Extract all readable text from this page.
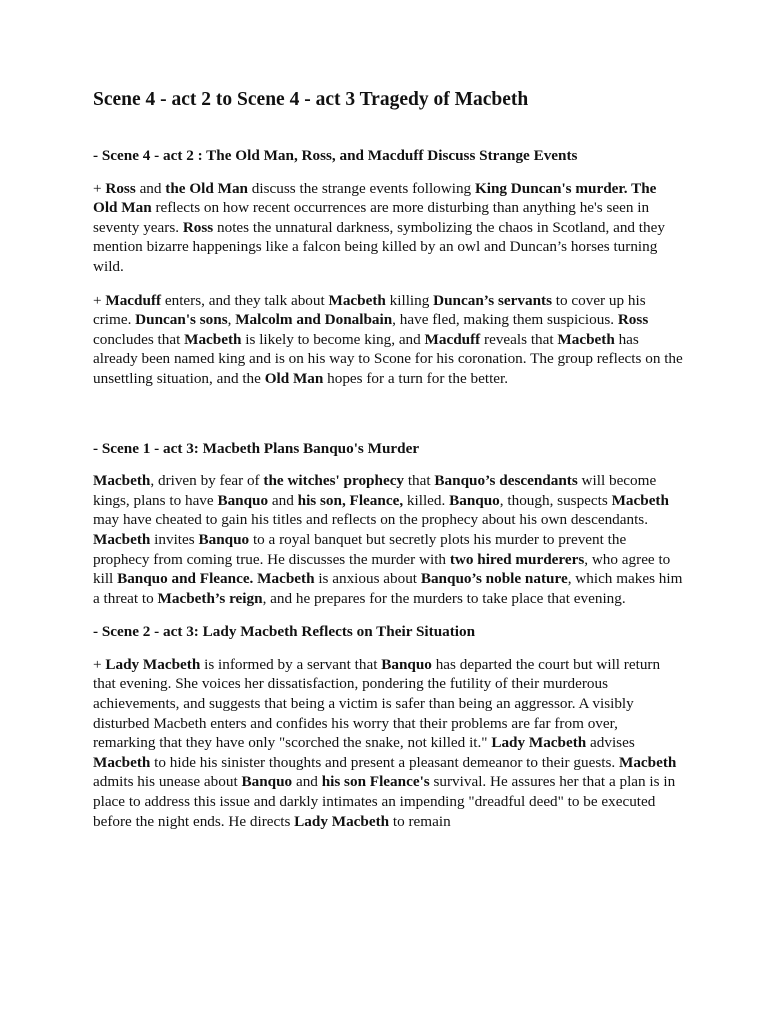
Scene 4 - act 2 to Scene 4 - act 3 Tragedy of Macbeth
- Scene 4 - act 2 : The Old Man, Ross, and Macduff Discuss Strange Events

+ Ross and the Old Man discuss the strange events following King Duncan's murder. The Old Man reflects on how recent occurrences are more disturbing than anything he's seen in seventy years. Ross notes the unnatural darkness, symbolizing the chaos in Scotland, and they mention bizarre happenings like a falcon being killed by an owl and Duncan’s horses turning wild.

+ Macduff enters, and they talk about Macbeth killing Duncan’s servants to cover up his crime. Duncan's sons, Malcolm and Donalbain, have fled, making them suspicious. Ross concludes that Macbeth is likely to become king, and Macduff reveals that Macbeth has already been named king and is on his way to Scone for his coronation. The group reflects on the unsettling situation, and the Old Man hopes for a turn for the better.

- Scene 1 - act 3: Macbeth Plans Banquo's Murder

Macbeth, driven by fear of the witches' prophecy that Banquo’s descendants will become kings, plans to have Banquo and his son, Fleance, killed. Banquo, though, suspects Macbeth may have cheated to gain his titles and reflects on the prophecy about his own descendants. Macbeth invites Banquo to a royal banquet but secretly plots his murder to prevent the prophecy from coming true. He discusses the murder with two hired murderers, who agree to kill Banquo and Fleance. Macbeth is anxious about Banquo’s noble nature, which makes him a threat to Macbeth’s reign, and he prepares for the murders to take place that evening.

- Scene 2 - act 3: Lady Macbeth Reflects on Their Situation

+ Lady Macbeth is informed by a servant that Banquo has departed the court but will return that evening. She voices her dissatisfaction, pondering the futility of their murderous achievements, and suggests that being a victim is safer than being an aggressor. A visibly disturbed Macbeth enters and confides his worry that their problems are far from over, remarking that they have only "scorched the snake, not killed it." Lady Macbeth advises Macbeth to hide his sinister thoughts and present a pleasant demeanor to their guests. Macbeth admits his unease about Banquo and his son Fleance's survival. He assures her that a plan is in place to address this issue and darkly intimates an impending "dreadful deed" to be executed before the night ends. He directs Lady Macbeth to remain
